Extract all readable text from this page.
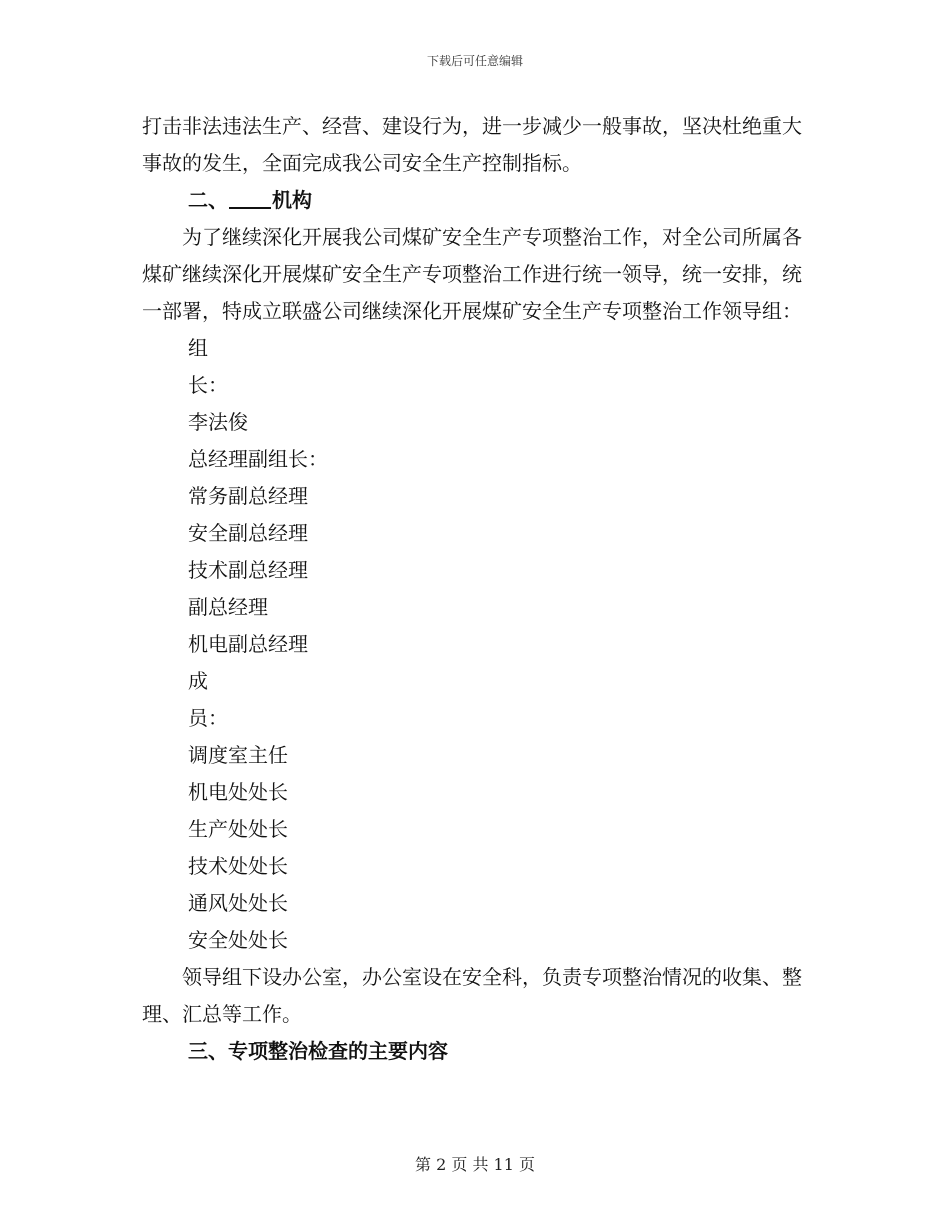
下载后可任意编辑

打击非法违法生产、经营、建设行为，进一步减少一般事故，坚决杜绝重大事故的发生，全面完成我公司安全生产控制指标。

二、 机构

为了继续深化开展我公司煤矿安全生产专项整治工作，对全公司所属各煤矿继续深化开展煤矿安全生产专项整治工作进行统一领导，统一安排，统一部署，特成立联盛公司继续深化开展煤矿安全生产专项整治工作领导组：

组

长：

李法俊

总经理副组长：

常务副总经理

安全副总经理

技术副总经理

副总经理

机电副总经理

成

员：

调度室主任

机电处处长

生产处处长

技术处处长

通风处处长

安全处处长

领导组下设办公室，办公室设在安全科，负责专项整治情况的收集、整理、汇总等工作。

三、专项整治检查的主要内容

第 2 页 共 11 页
